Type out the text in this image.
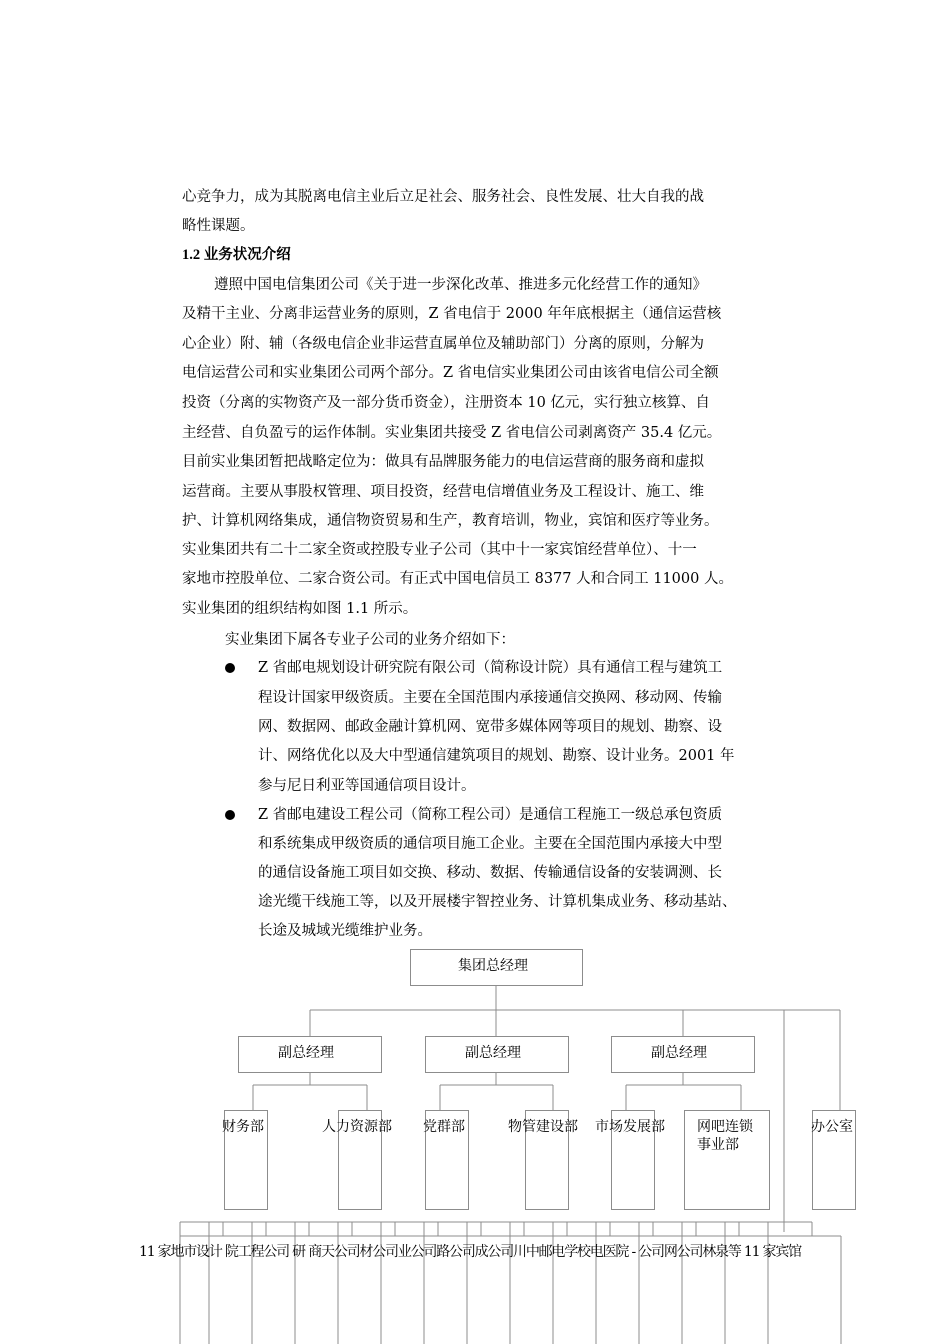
心竞争力，成为其脱离电信主业后立足社会、服务社会、良性发展、壮大自我的战
略性课题。
1.2 业务状况介绍
遵照中国电信集团公司《关于进一步深化改革、推进多元化经营工作的通知》
及精干主业、分离非运营业务的原则，Z 省电信于 2000 年年底根据主（通信运营核
心企业）附、辅（各级电信企业非运营直属单位及辅助部门）分离的原则，分解为
电信运营公司和实业集团公司两个部分。Z 省电信实业集团公司由该省电信公司全额
投资（分离的实物资产及一部分货币资金），注册资本 10 亿元，实行独立核算、自
主经营、自负盈亏的运作体制。实业集团共接受 Z 省电信公司剥离资产 35.4 亿元。
目前实业集团暂把战略定位为：做具有品牌服务能力的电信运营商的服务商和虚拟
运营商。主要从事股权管理、项目投资，经营电信增值业务及工程设计、施工、维
护、计算机网络集成，通信物资贸易和生产，教育培训，物业，宾馆和医疗等业务。
实业集团共有二十二家全资或控股专业子公司（其中十一家宾馆经营单位）、十一
家地市控股单位、二家合资公司。有正式中国电信员工 8377 人和合同工 11000 人。
实业集团的组织结构如图 1.1 所示。
实业集团下属各专业子公司的业务介绍如下：
Z 省邮电规划设计研究院有限公司（简称设计院）具有通信工程与建筑工
程设计国家甲级资质。主要在全国范围内承接通信交换网、移动网、传输
网、数据网、邮政金融计算机网、宽带多媒体网等项目的规划、勘察、设
计、网络优化以及大中型通信建筑项目的规划、勘察、设计业务。2001 年
参与尼日利亚等国通信项目设计。
Z 省邮电建设工程公司（简称工程公司）是通信工程施工一级总承包资质
和系统集成甲级资质的通信项目施工企业。主要在全国范围内承接大中型
的通信设备施工项目如交换、移动、数据、传输通信设备的安装调测、长
途光缆干线施工等，以及开展楼宇智控业务、计算机集成业务、移动基站、
长途及城域光缆维护业务。
集团总经理
副总经理	副总经理	副总经理
财务部	人力资源部 党群部	物管建设部 市场发展部 网吧连锁
事业部
办公室
11 家地市设计 院工程公司 研 商天公司材公司业公司路公司成公司川中邮电学校电医院 - 公司网公司林泉等 11 家宾馆
